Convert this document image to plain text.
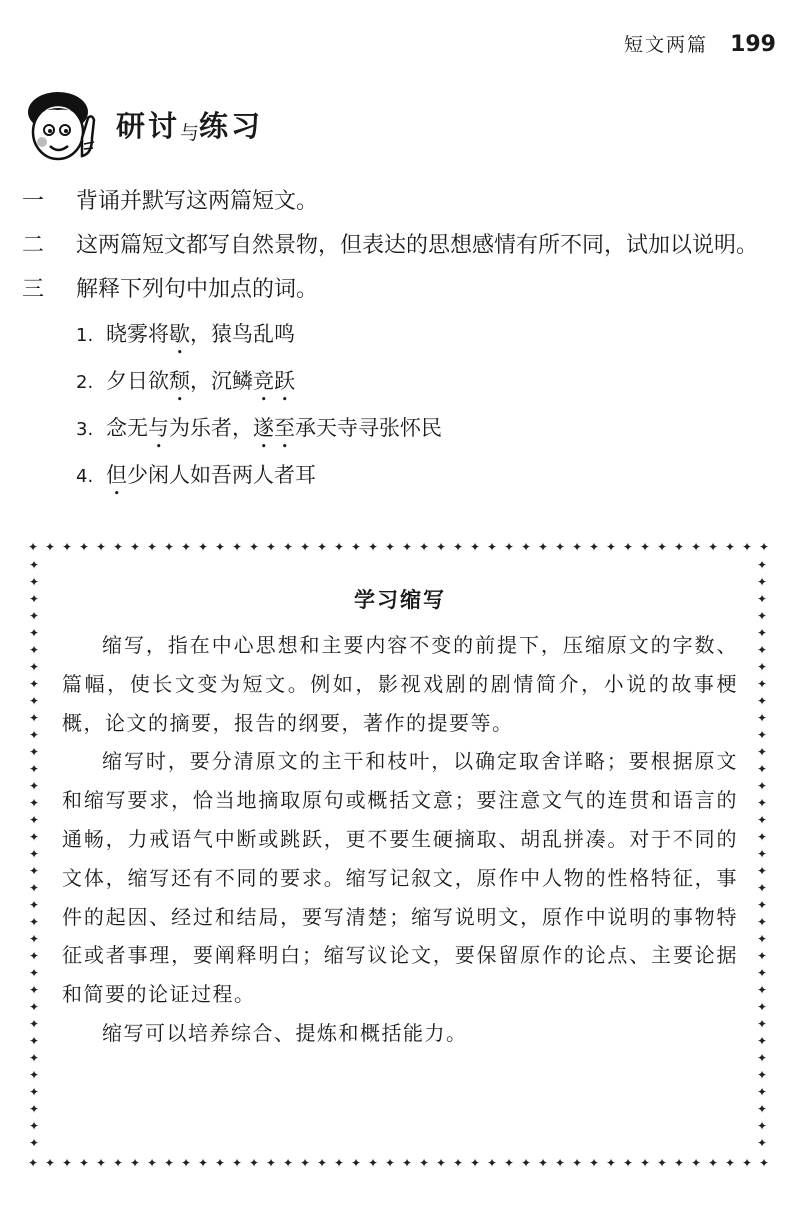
短文两篇 199
研讨与练习
一	背诵并默写这两篇短文。
二	这两篇短文都写自然景物，但表达的思想感情有所不同，试加以说明。
三	解释下列句中加点的词。
1. 晓雾将歇，猿鸟乱鸣
2. 夕日欲颓，沉鳞竞跃
3. 念无与为乐者，遂至承天寺寻张怀民
4. 但少闲人如吾两人者耳
学习缩写

缩写，指在中心思想和主要内容不变的前提下，压缩原文的字数、篇幅，使长文变为短文。例如，影视戏剧的剧情简介，小说的故事梗概，论文的摘要，报告的纲要，著作的提要等。

缩写时，要分清原文的主干和枝叶，以确定取舍详略；要根据原文和缩写要求，恰当地摘取原句或概括文意；要注意文气的连贯和语言的通畅，力戒语气中断或跳跃，更不要生硬摘取、胡乱拼凑。对于不同的文体，缩写还有不同的要求。缩写记叙文，原作中人物的性格特征，事件的起因、经过和结局，要写清楚；缩写说明文，原作中说明的事物特征或者事理，要阐释明白；缩写议论文，要保留原作的论点、主要论据和简要的论证过程。

缩写可以培养综合、提炼和概括能力。
